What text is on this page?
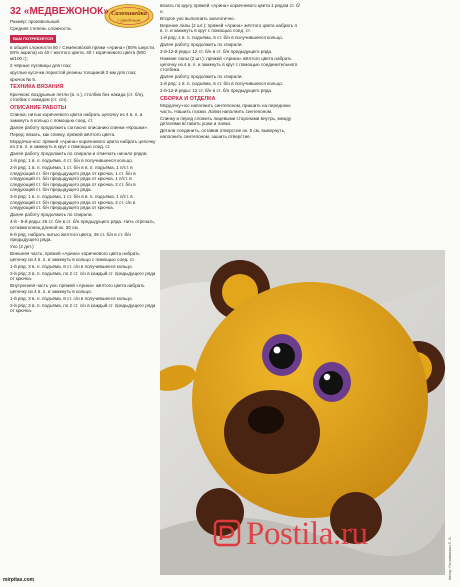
Самошвейка
с рукодельем
32 «МЕДВЕЖОНОК»

Размер: произвольный.

Средняя степень сложности.

ВАМ ПОТРЕБУЕТСЯ

в общей сложности 80 г Семёновской пряжи «Арина» (50% шерсти, 50% акрила) из 40 г желтого цвета, 40 г коричневого цвета (500 м/100 г);

2 чёрные пуговицы для глаз;

круглые кусочки пористой резины толщиной 2 мм для глаз;

крючок № 5.

ТЕХНИКА ВЯЗАНИЯ

Крючком: воздушные петли (в. п.), столбик без накида (ст. б/н), столбик с накидом (ст. с/н).

ОПИСАНИЕ РАБОТЫ

Спинка: нитью коричневого цвета набрать цепочку из 4 в. п. и замкнуть в кольцо с помощью соед. ст.

Далее работу продолжить согласно описанию спинки «Крошки».

Перед: вязать, как спинку, пряжей жёлтого цвета.

Мордочка-нос: пряжей «Арина» коричневого цвета набрать цепочку из 3 в. п. и замкнуть в круг с помощью соед. ст.

Далее работу продолжить по спирали и отмечать начало рядов.

1-й ряд: 1 в. п. подъёма, 4 ст. б/н в получившееся кольцо.

2-й ряд: 1 в. п. подъёма, 1 ст. б/н в в. п. подъёма, 1 п/ст. в следующий ст. б/н предыдущего ряда от крючка, 1 ст. б/н в следующий ст. б/н предыдущего ряда от крючка, 1 п/ст. в следующий ст. б/н предыдущего ряда от крючка, 2 ст. б/н в следующий ст. б/н предыдущего ряда.

3-й ряд: 1 в. п. подъёма, 1 ст. б/н в в. п. подъёма, 1 п/ст. в следующий ст. б/н предыдущего ряда от крючка, 2 ст. с/н в следующий ст. б/н предыдущего ряда от крючка.

Далее работу продолжить по спирали.

4-й - 5-й ряды: 26 ст. б/н в ст. б/н предыдущего ряда. Нить отрезать, оставив конец длиной ок. 30 см.

6-й ряд: набрать нитью желтого цвета, 26 ст. б/н в ст. б/н предыдущего ряда.

Ухо (2 дет.)

Внешняя часть: пряжей «Арина» коричневого цвета набрать цепочку из 4 в. п. и замкнуть в кольцо с помощью соед. ст.

1-й ряд: 3 в. п. подъёма, 8 ст. с/н в получившееся кольцо.

2-й ряд: 3 в. п. подъёма, по 2 ст. с/н в каждый ст. предыдущего ряда от крючка.

Внутренняя часть уха: пряжей «Арина» жёлтого цвета набрать цепочку из 4 в. п. и замкнуть в кольцо.

1-й ряд: 3 в. п. подъёма, 8 ст. с/н в получившееся кольцо.

2-й ряд: 3 в. п. подъёма, по 2 ст. с/н в каждый ст. предыдущего ряда от крючка.

вязать по кругу пряжей «Арина» коричневого цвета 1 рядом ст. б/н.

Второе ухо выполнить аналогично.

Верхние лапы (2 шт.): пряжей «Арина» жёлтого цвета набрать 4 в. п. и замкнуть в круг с помощью соед. ст.

1-й ряд: 1 в. п. подъёма, 6 ст. б/н в получившееся кольцо.

Далее работу продолжить по спирали.

2-й-12-й ряды: 12 ст. б/н в ст. б/н предыдущего ряда.

Нижние лапы (2 шт.): пряжей «Арина» жёлтого цвета набрать цепочку из 4 в. п. и замкнуть в круг с помощью соединительного столбика.

Далее работу продолжить по спирали.

1-й ряд: 1 в. п. подъёма, 6 ст. б/н в получившееся кольцо.

2-й-12-й ряды: 12 ст. б/н в ст. б/н предыдущего ряда.

СБОРКА И ОТДЕЛКА

Мордочку-нос наполнить синтепоном, пришить на переднюю часть. Нашить глазки. Лапки наполнить синтепоном.

Спинку и перед сложить лицевыми сторонами внутрь, между деталями вставить ушки и лапки.

Детали соединить, оставив отверстие ок. 5 см, вывернуть, наполнить синтепоном, зашить отверстие.

Postila.ru
Автор: Гоголимская Л. А.
mirpitas.com
